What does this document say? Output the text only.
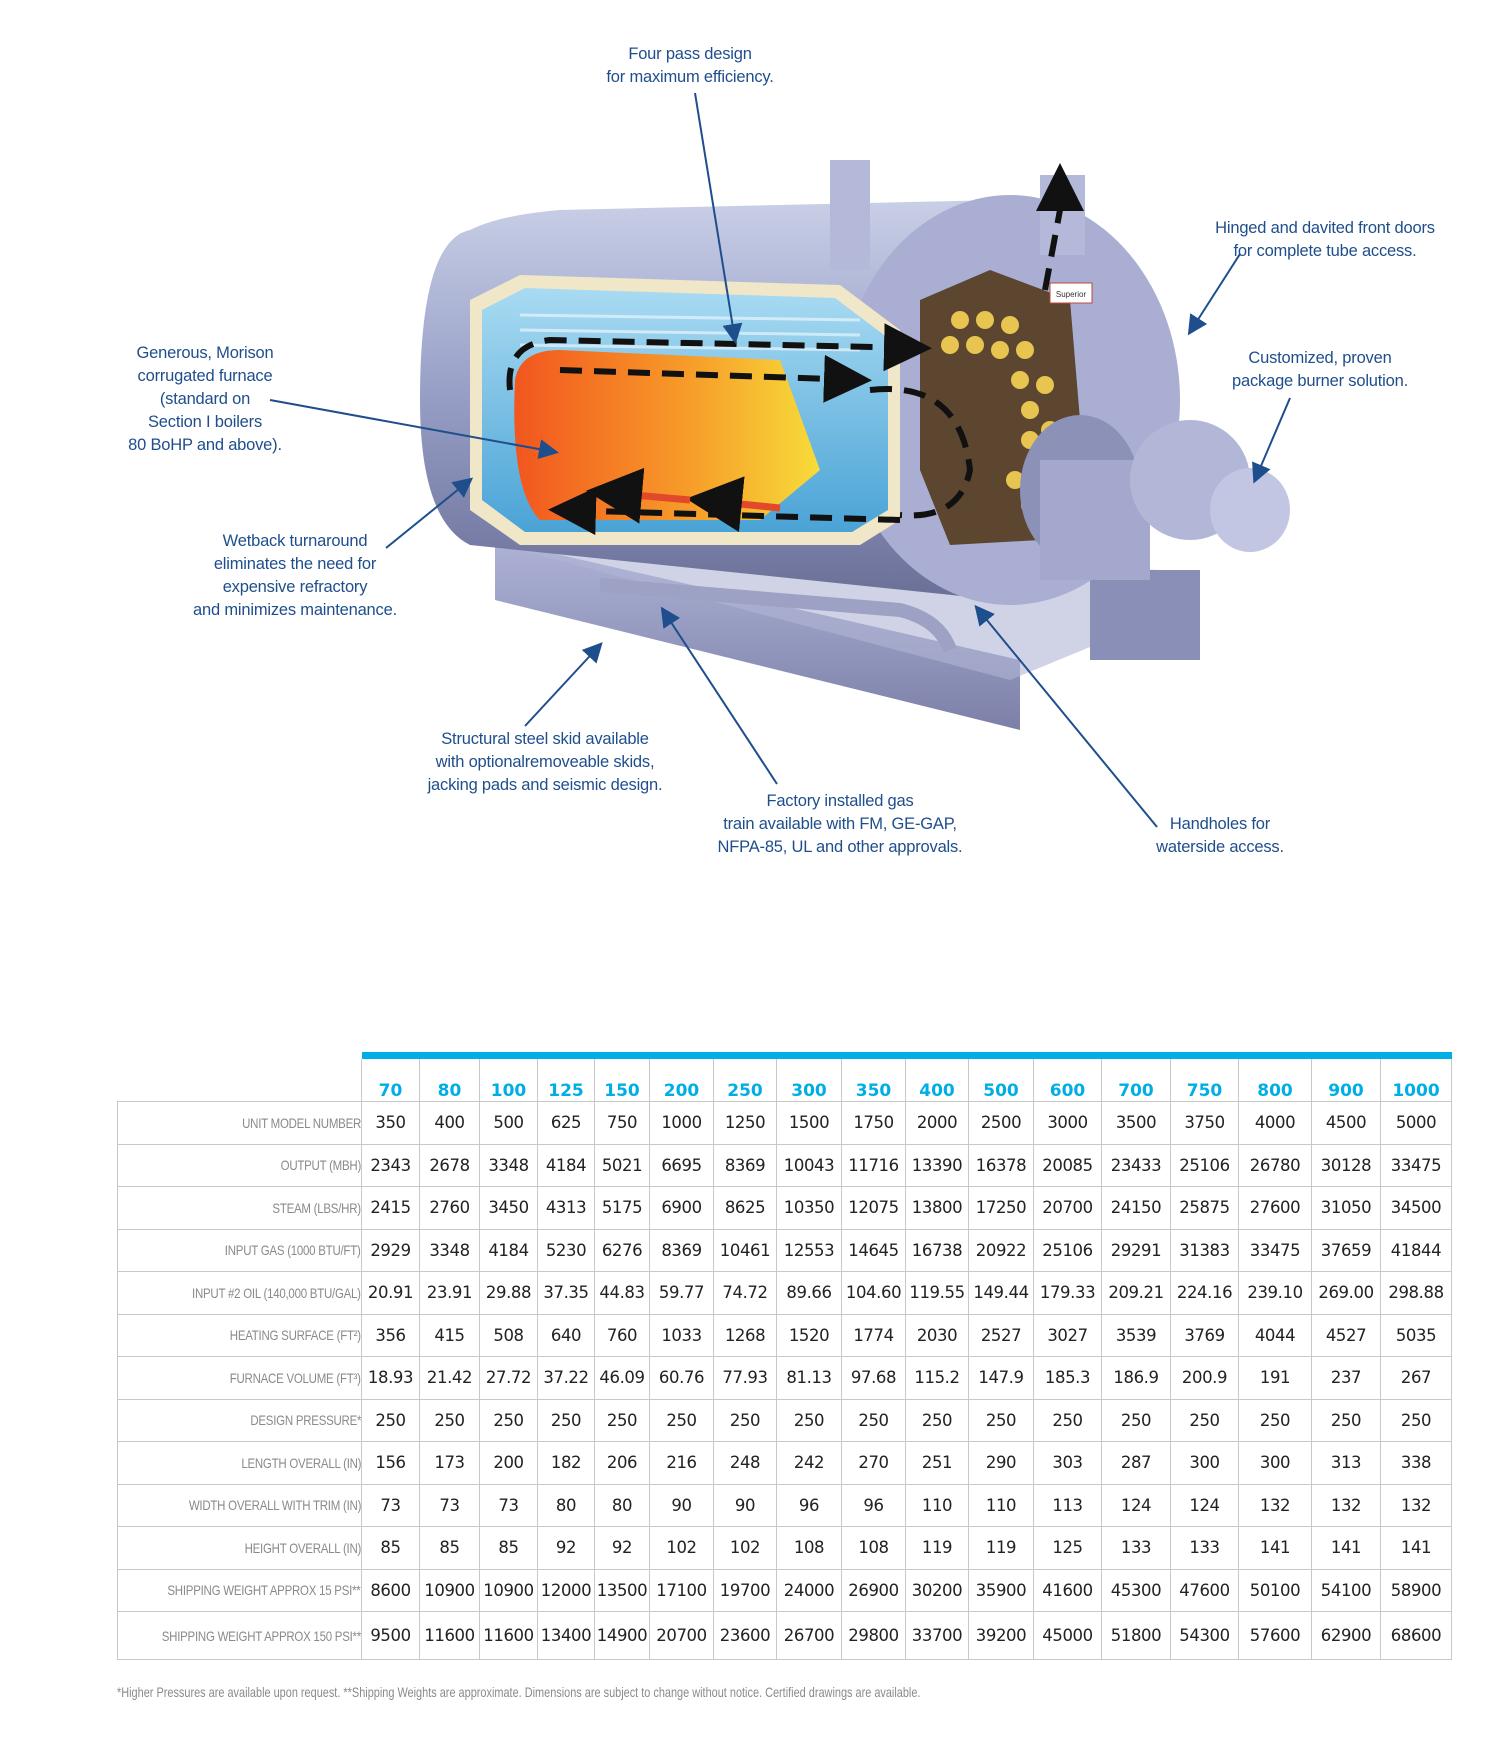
Superior
Four pass design
for maximum efficiency.
Hinged and davited front doors
for complete tube access.
Customized, proven
package burner solution.
Generous, Morison
corrugated furnace
(standard on
Section I boilers
80 BoHP and above).
Wetback turnaround
eliminates the need for
expensive refractory
and minimizes maintenance.
Structural steel skid available
with optionalremoveable skids,
jacking pads and seismic design.
Factory installed gas
train available with FM, GE-GAP,
NFPA-85, UL and other approvals.
Handholes for
waterside access.

	70	80	100	125	150	200	250	300	350	400	500	600	700	750	800	900	1000
UNIT MODEL NUMBER	350	400	500	625	750	1000	1250	1500	1750	2000	2500	3000	3500	3750	4000	4500	5000
OUTPUT (MBH)	2343	2678	3348	4184	5021	6695	8369	10043	11716	13390	16378	20085	23433	25106	26780	30128	33475
STEAM (LBS/HR)	2415	2760	3450	4313	5175	6900	8625	10350	12075	13800	17250	20700	24150	25875	27600	31050	34500
INPUT GAS (1000 BTU/FT)	2929	3348	4184	5230	6276	8369	10461	12553	14645	16738	20922	25106	29291	31383	33475	37659	41844
INPUT #2 OIL (140,000 BTU/GAL)	20.91	23.91	29.88	37.35	44.83	59.77	74.72	89.66	104.60	119.55	149.44	179.33	209.21	224.16	239.10	269.00	298.88
HEATING SURFACE (FT²)	356	415	508	640	760	1033	1268	1520	1774	2030	2527	3027	3539	3769	4044	4527	5035
FURNACE VOLUME (FT³)	18.93	21.42	27.72	37.22	46.09	60.76	77.93	81.13	97.68	115.2	147.9	185.3	186.9	200.9	191	237	267
DESIGN PRESSURE*	250	250	250	250	250	250	250	250	250	250	250	250	250	250	250	250	250
LENGTH OVERALL (IN)	156	173	200	182	206	216	248	242	270	251	290	303	287	300	300	313	338
WIDTH OVERALL WITH TRIM (IN)	73	73	73	80	80	90	90	96	96	110	110	113	124	124	132	132	132
HEIGHT OVERALL (IN)	85	85	85	92	92	102	102	108	108	119	119	125	133	133	141	141	141
SHIPPING WEIGHT APPROX 15 PSI**	8600	10900	10900	12000	13500	17100	19700	24000	26900	30200	35900	41600	45300	47600	50100	54100	58900
SHIPPING WEIGHT APPROX 150 PSI**	9500	11600	11600	13400	14900	20700	23600	26700	29800	33700	39200	45000	51800	54300	57600	62900	68600
*Higher Pressures are available upon request. **Shipping Weights are approximate. Dimensions are subject to change without notice. Certified drawings are available.
